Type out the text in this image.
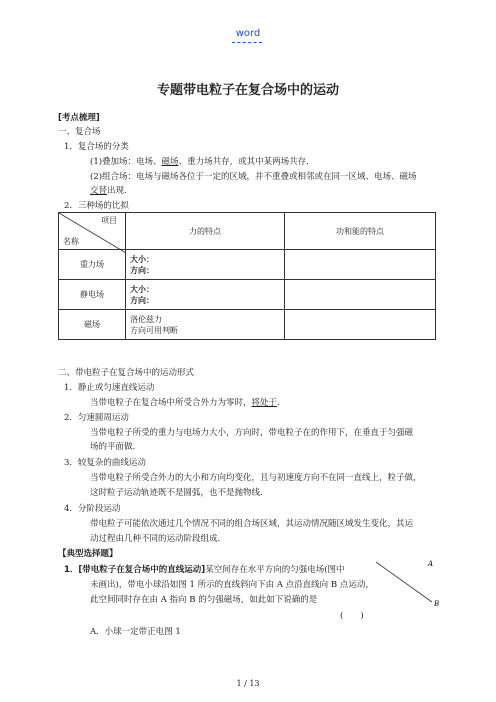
word
专题带电粒子在复合场中的运动
[考点梳理]
一、复合场
1．复合场的分类
(1)叠加场：电场、磁场、重力场共存，或其中某两场共存．
(2)组合场：电场与磁场各位于一定的区域，并不重叠或相邻或在同一区域、电场、磁场
交替出现．
2．三种场的比拟
项目
名称	力的特点	功和能的特点
重力场	大小：
方向：	

静电场	大小：
方向：	

磁场	洛伦兹力
方向可用判断	

二、带电粒子在复合场中的运动形式
1．静止或匀速直线运动
当带电粒子在复合场中所受合外力为零时，将处于．
2．匀速圆周运动
当带电粒子所受的重力与电场力大小，方向时，带电粒子在的作用下，在垂直于匀强磁
场的平面做．
3．较复杂的曲线运动
当带电粒子所受合外力的大小和方向均变化，且与初速度方向不在同一直线上，粒子做，
这时粒子运动轨迹既不是圆弧，也不是抛物线．
4．分阶段运动
带电粒子可能依次通过几个情况不同的组合场区域，其运动情况随区域发生变化，其运
动过程由几种不同的运动阶段组成．
【典型选择题】
1．[带电粒子在复合场中的直线运动]某空间存在水平方向的匀强电场(图中
未画出)，带电小球沿如图 1 所示的直线斜向下由 A 点沿直线向 B 点运动，
此空间同时存在由 A 指向 B 的匀强磁场，如此如下说确的是
(　　)
A．小球一定带正电图 1
A
B
1 / 13
